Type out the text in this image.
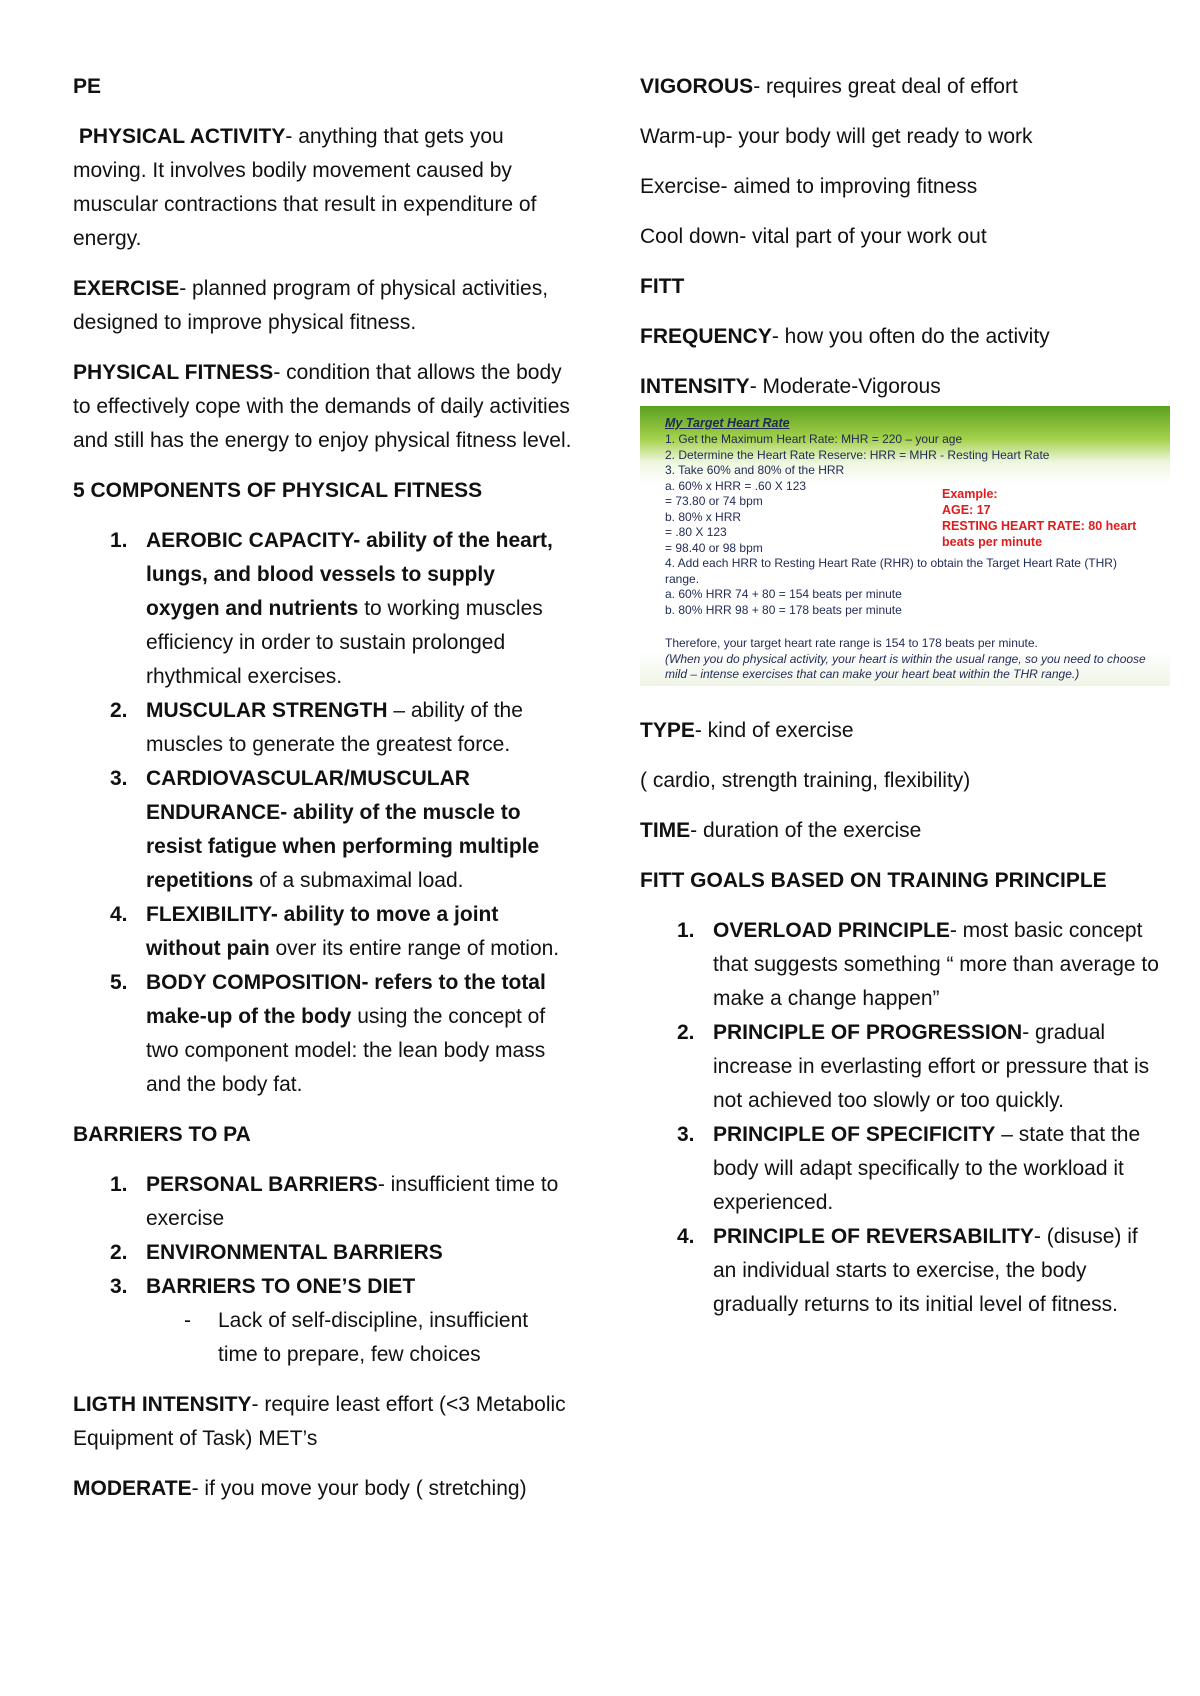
PE

PHYSICAL ACTIVITY- anything that gets you moving. It involves bodily movement caused by muscular contractions that result in expenditure of energy.

EXERCISE- planned program of physical activities, designed to improve physical fitness.

PHYSICAL FITNESS- condition that allows the body to effectively cope with the demands of daily activities and still has the energy to enjoy physical fitness level.

5 COMPONENTS OF PHYSICAL FITNESS

1. AEROBIC CAPACITY- ability of the heart, lungs, and blood vessels to supply oxygen and nutrients to working muscles efficiency in order to sustain prolonged rhythmical exercises.
2. MUSCULAR STRENGTH – ability of the muscles to generate the greatest force.
3. CARDIOVASCULAR/MUSCULAR ENDURANCE- ability of the muscle to resist fatigue when performing multiple repetitions of a submaximal load.
4. FLEXIBILITY- ability to move a joint without pain over its entire range of motion.
5. BODY COMPOSITION- refers to the total make-up of the body using the concept of two component model: the lean body mass and the body fat.

BARRIERS TO PA

1. PERSONAL BARRIERS- insufficient time to exercise
2. ENVIRONMENTAL BARRIERS
3. BARRIERS TO ONE’S DIET
- Lack of self-discipline, insufficient time to prepare, few choices

LIGTH INTENSITY- require least effort (<3 Metabolic Equipment of Task) MET’s

MODERATE- if you move your body ( stretching)

VIGOROUS- requires great deal of effort

Warm-up- your body will get ready to work

Exercise- aimed to improving fitness

Cool down- vital part of your work out

FITT

FREQUENCY- how you often do the activity

INTENSITY- Moderate-Vigorous

My Target Heart Rate
1. Get the Maximum Heart Rate: MHR = 220 – your age
2. Determine the Heart Rate Reserve: HRR = MHR - Resting Heart Rate
3. Take 60% and 80% of the HRR
a. 60% x HRR = .60 X 123
= 73.80 or 74 bpm
b. 80% x HRR
= .80 X 123
= 98.40 or 98 bpm
4. Add each HRR to Resting Heart Rate (RHR) to obtain the Target Heart Rate (THR)
range.
a. 60% HRR 74 + 80 = 154 beats per minute
b. 80% HRR 98 + 80 = 178 beats per minute
Example:
AGE: 17
RESTING HEART RATE: 80 heart beats per minute
Therefore, your target heart rate range is 154 to 178 beats per minute.
(When you do physical activity, your heart is within the usual range, so you need to choose mild – intense exercises that can make your heart beat within the THR range.)

TYPE- kind of exercise

( cardio, strength training, flexibility)

TIME- duration of the exercise

FITT GOALS BASED ON TRAINING PRINCIPLE

1. OVERLOAD PRINCIPLE- most basic concept that suggests something “ more than average to make a change happen”
2. PRINCIPLE OF PROGRESSION- gradual increase in everlasting effort or pressure that is not achieved too slowly or too quickly.
3. PRINCIPLE OF SPECIFICITY – state that the body will adapt specifically to the workload it experienced.
4. PRINCIPLE OF REVERSABILITY- (disuse) if an individual starts to exercise, the body gradually returns to its initial level of fitness.
